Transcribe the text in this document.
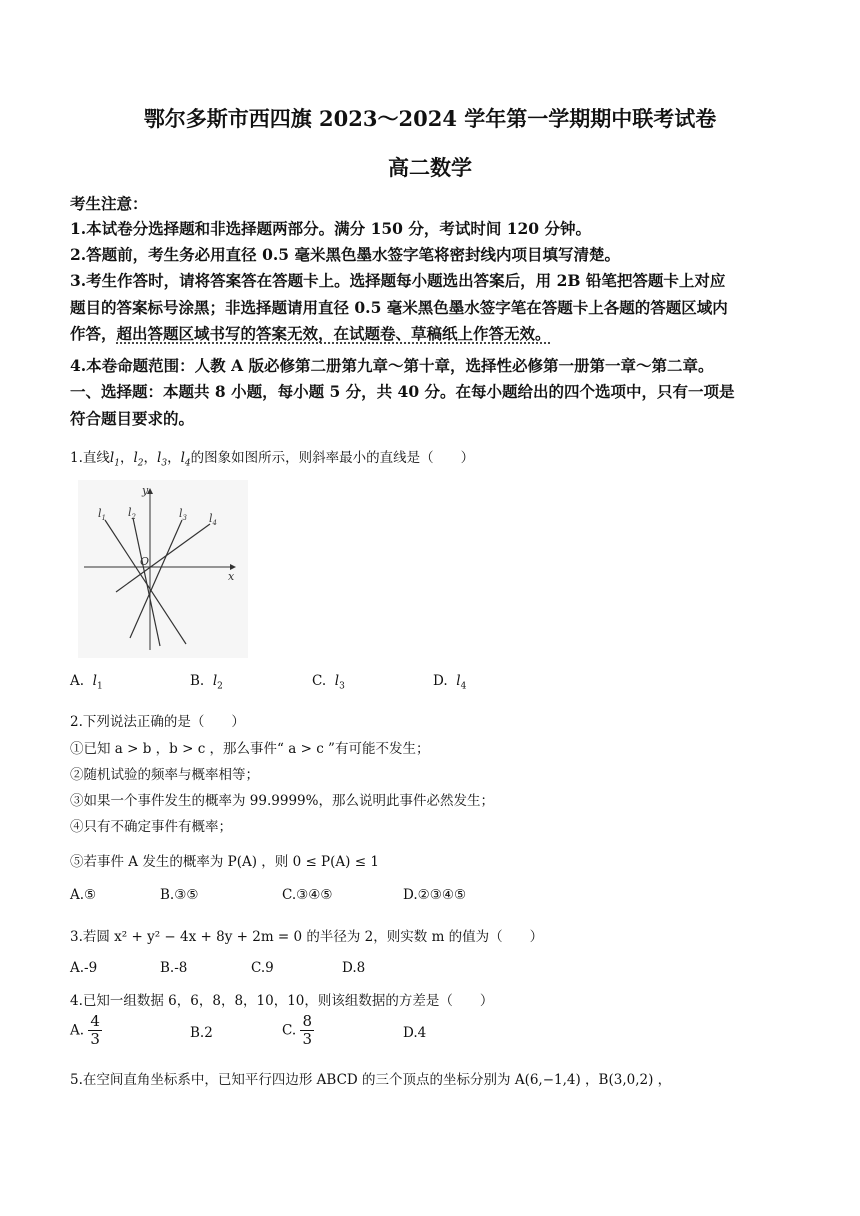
鄂尔多斯市西四旗 2023～2024 学年第一学期期中联考试卷
高二数学
考生注意：
1.本试卷分选择题和非选择题两部分。满分 150 分，考试时间 120 分钟。
2.答题前，考生务必用直径 0.5 毫米黑色墨水签字笔将密封线内项目填写清楚。
3.考生作答时，请将答案答在答题卡上。选择题每小题选出答案后，用 2B 铅笔把答题卡上对应
题目的答案标号涂黑；非选择题请用直径 0.5 毫米黑色墨水签字笔在答题卡上各题的答题区域内
作答，超出答题区域书写的答案无效，在试题卷、草稿纸上作答无效。
4.本卷命题范围：人教 A 版必修第二册第九章～第十章，选择性必修第一册第一章～第二章。
一、选择题：本题共 8 小题，每小题 5 分，共 40 分。在每小题给出的四个选项中，只有一项是
符合题目要求的。
1.直线$l_1$，$l_2$，$l_3$，$l_4$的图象如图所示，则斜率最小的直线是（　　）
x
y
O
$l_1$ $l_2$	$l_3$ $l_4$
A. $l_1$	B. $l_2$	C. $l_3$	D. $l_4$
2.下列说法正确的是（　　）
①已知 a > b ，b > c ，那么事件“ a > c ”有可能不发生；
②随机试验的频率与概率相等；
③如果一个事件发生的概率为 99.9999%，那么说明此事件必然发生；
④只有不确定事件有概率；
⑤若事件 A 发生的概率为 P(A) ，则 0 ≤ P(A) ≤ 1
A.⑤	B.③⑤	C.③④⑤	D.②③④⑤
3.若圆 x² + y² − 4x + 8y + 2m = 0 的半径为 2，则实数 m 的值为（　　）
A.-9	B.-8	C.9	D.8
4.已知一组数据 6，6，8，8，10，10，则该组数据的方差是（　　）
A. $\frac{4}{3}$	B.2	C. $\frac{8}{3}$	D.4
5.在空间直角坐标系中，已知平行四边形 ABCD 的三个顶点的坐标分别为 A(6,−1,4) ，B(3,0,2) ，
